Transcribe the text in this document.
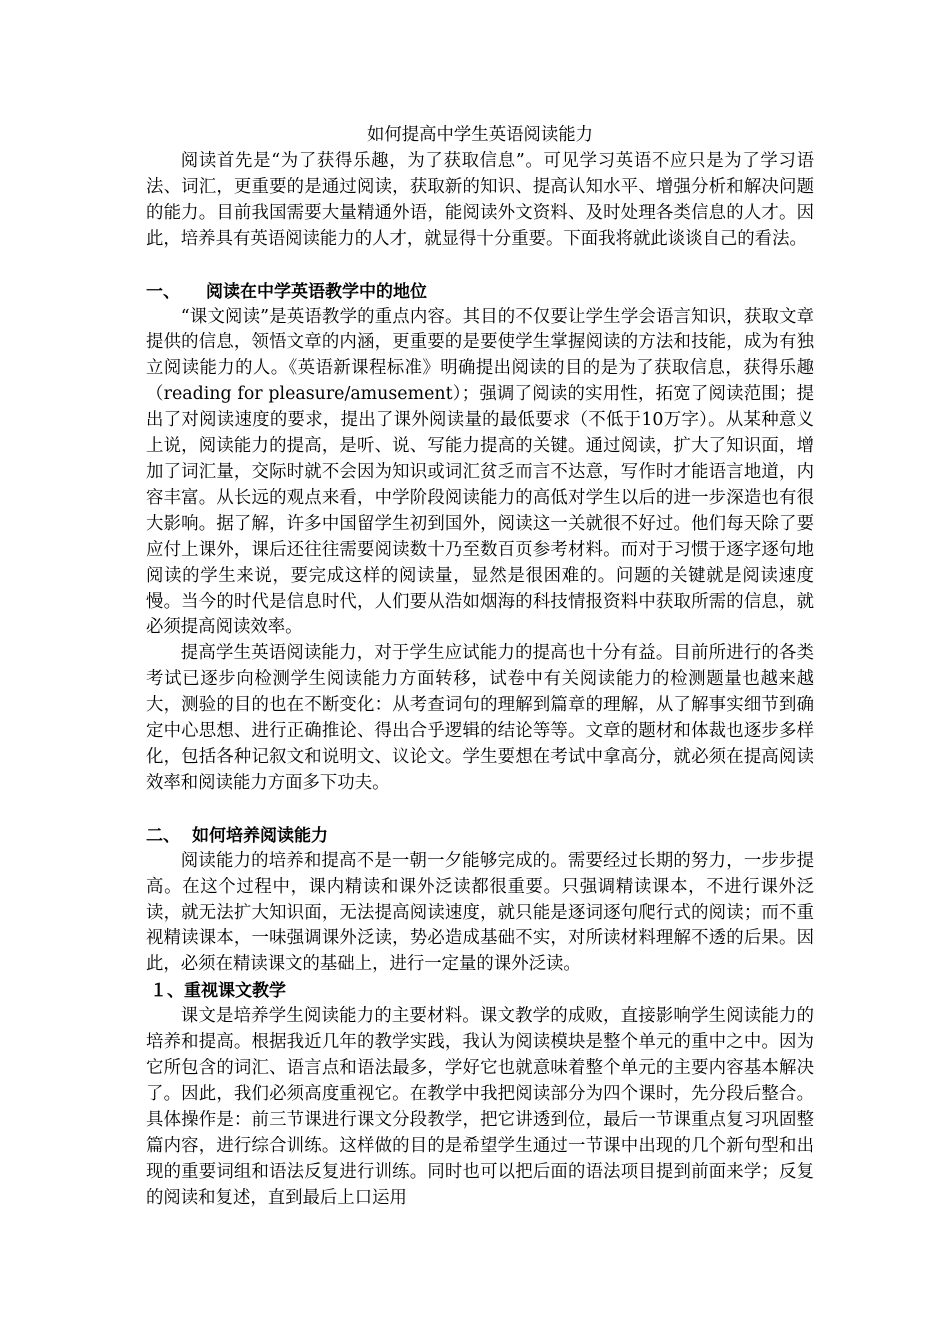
如何提高中学生英语阅读能力

阅读首先是“为了获得乐趣，为了获取信息”。可见学习英语不应只是为了学习语法、词汇，更重要的是通过阅读，获取新的知识、提高认知水平、增强分析和解决问题的能力。目前我国需要大量精通外语，能阅读外文资料、及时处理各类信息的人才。因此，培养具有英语阅读能力的人才，就显得十分重要。下面我将就此谈谈自己的看法。

一、 阅读在中学英语教学中的地位

“课文阅读”是英语教学的重点内容。其目的不仅要让学生学会语言知识，获取文章提供的信息，领悟文章的内涵，更重要的是要使学生掌握阅读的方法和技能，成为有独立阅读能力的人。《英语新课程标准》明确提出阅读的目的是为了获取信息，获得乐趣（reading for pleasure/amusement）；强调了阅读的实用性，拓宽了阅读范围；提出了对阅读速度的要求，提出了课外阅读量的最低要求（不低于10万字）。从某种意义上说，阅读能力的提高，是听、说、写能力提高的关键。通过阅读，扩大了知识面，增加了词汇量，交际时就不会因为知识或词汇贫乏而言不达意，写作时才能语言地道，内容丰富。从长远的观点来看，中学阶段阅读能力的高低对学生以后的进一步深造也有很大影响。据了解，许多中国留学生初到国外，阅读这一关就很不好过。他们每天除了要应付上课外，课后还往往需要阅读数十乃至数百页参考材料。而对于习惯于逐字逐句地阅读的学生来说，要完成这样的阅读量，显然是很困难的。问题的关键就是阅读速度慢。当今的时代是信息时代，人们要从浩如烟海的科技情报资料中获取所需的信息，就必须提高阅读效率。

提高学生英语阅读能力，对于学生应试能力的提高也十分有益。目前所进行的各类考试已逐步向检测学生阅读能力方面转移，试卷中有关阅读能力的检测题量也越来越大，测验的目的也在不断变化：从考查词句的理解到篇章的理解，从了解事实细节到确定中心思想、进行正确推论、得出合乎逻辑的结论等等。文章的题材和体裁也逐步多样化，包括各种记叙文和说明文、议论文。学生要想在考试中拿高分，就必须在提高阅读效率和阅读能力方面多下功夫。

二、 如何培养阅读能力

阅读能力的培养和提高不是一朝一夕能够完成的。需要经过长期的努力，一步步提高。在这个过程中，课内精读和课外泛读都很重要。只强调精读课本，不进行课外泛读，就无法扩大知识面，无法提高阅读速度，就只能是逐词逐句爬行式的阅读；而不重视精读课本，一味强调课外泛读，势必造成基础不实，对所读材料理解不透的后果。因此，必须在精读课文的基础上，进行一定量的课外泛读。

１、重视课文教学

课文是培养学生阅读能力的主要材料。课文教学的成败，直接影响学生阅读能力的培养和提高。根据我近几年的教学实践，我认为阅读模块是整个单元的重中之中。因为它所包含的词汇、语言点和语法最多，学好它也就意味着整个单元的主要内容基本解决了。因此，我们必须高度重视它。在教学中我把阅读部分为四个课时，先分段后整合。具体操作是：前三节课进行课文分段教学，把它讲透到位，最后一节课重点复习巩固整篇内容，进行综合训练。这样做的目的是希望学生通过一节课中出现的几个新句型和出现的重要词组和语法反复进行训练。同时也可以把后面的语法项目提到前面来学；反复的阅读和复述，直到最后上口运用
